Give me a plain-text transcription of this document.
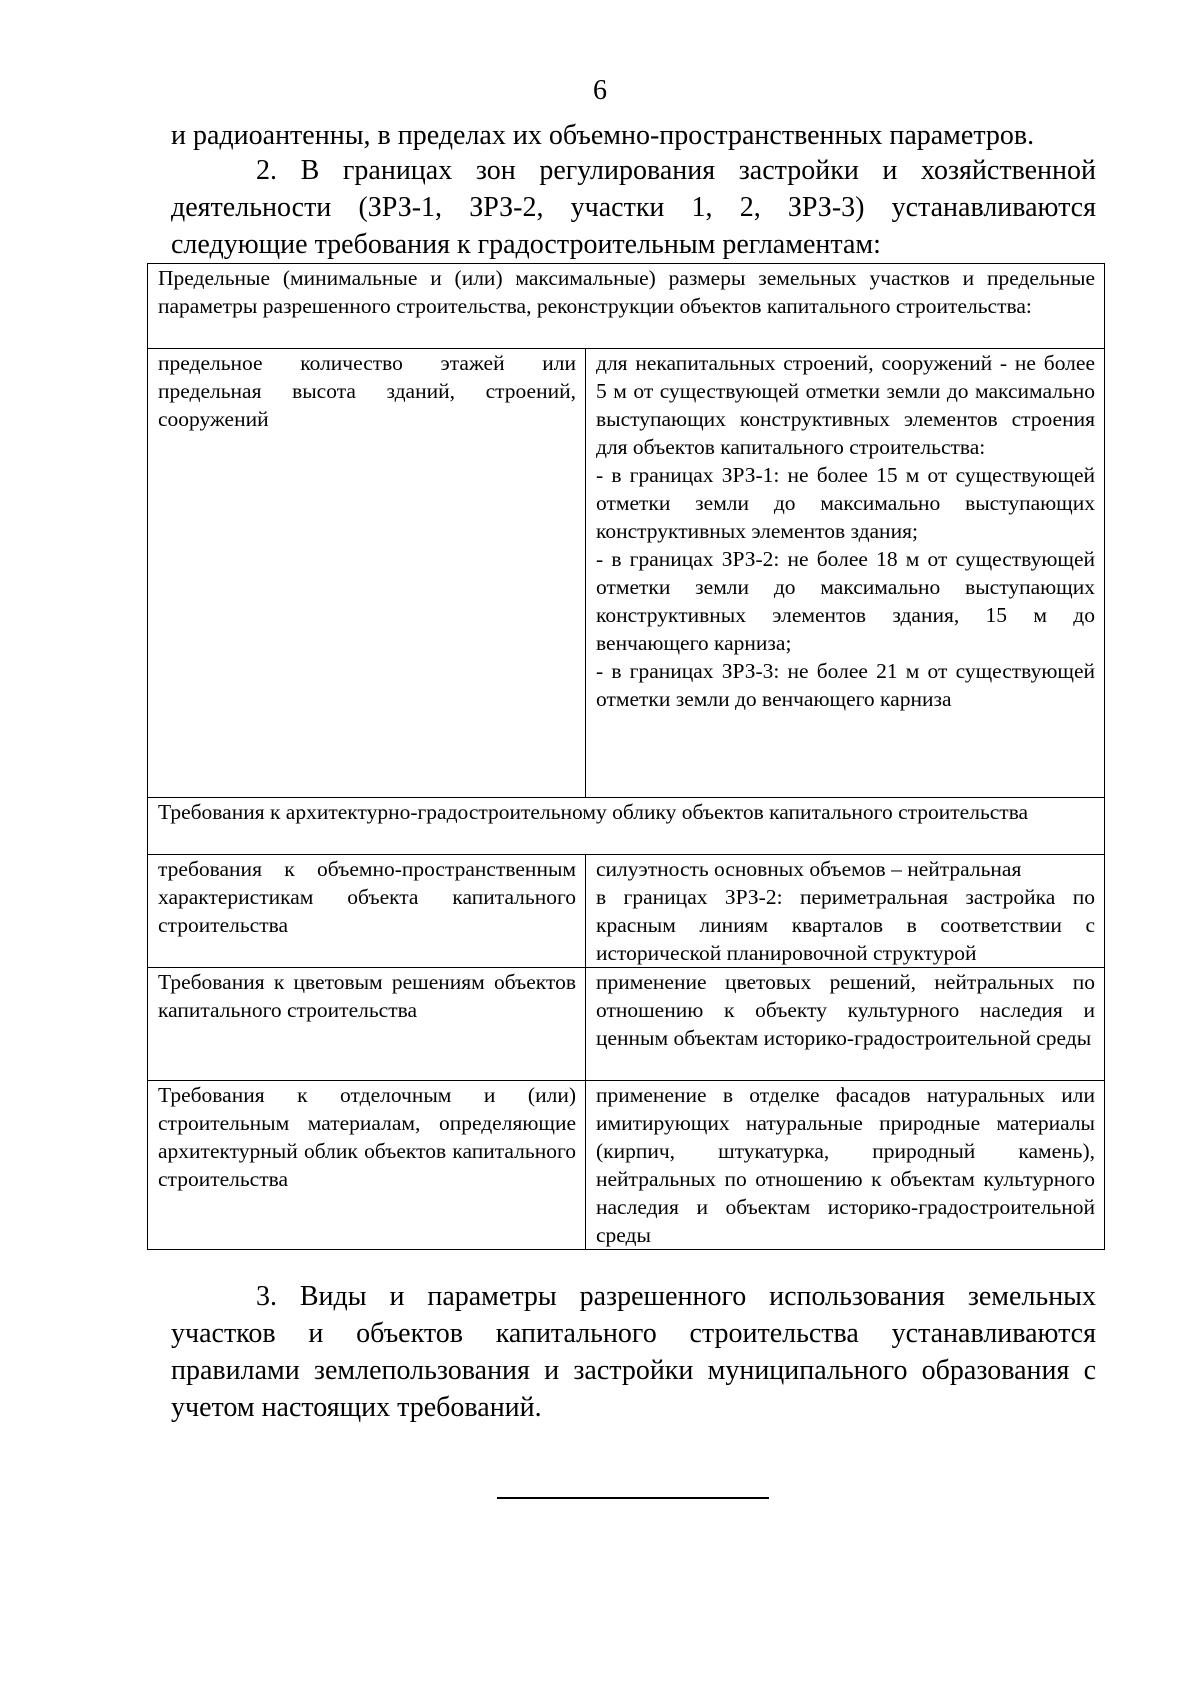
6
и радиоантенны, в пределах их объемно-пространственных параметров.
2. В границах зон регулирования застройки и хозяйственной деятельности (ЗРЗ-1, ЗРЗ-2, участки 1, 2, ЗРЗ-3) устанавливаются следующие требования к градостроительным регламентам:
Предельные (минимальные и (или) максимальные) размеры земельных участков и предельные параметры разрешенного строительства, реконструкции объектов капитального строительства:	
предельное количество этажей или предельная высота зданий, строений, сооружений	для некапитальных строений, сооружений - не более 5 м от существующей отметки земли до максимально выступающих конструктивных элементов строения для объектов капитального строительства:
- в границах ЗРЗ-1: не более 15 м от существующей отметки земли до максимально выступающих конструктивных элементов здания;
- в границах ЗРЗ-2: не более 18 м от существующей отметки земли до максимально выступающих конструктивных элементов здания, 15 м до венчающего карниза;
- в границах ЗРЗ-3: не более 21 м от существующей отметки земли до венчающего карниза

Требования к архитектурно-градостроительному облику объектов капитального строительства	
требования к объемно-пространственным характеристикам объекта капитального строительства	силуэтность основных объемов – нейтральная
в границах ЗРЗ-2: периметральная застройка по красным линиям кварталов в соответствии с исторической планировочной структурой

Требования к цветовым решениям объектов капитального строительства	применение цветовых решений, нейтральных по отношению к объекту культурного наследия и ценным объектам историко-градостроительной среды
Требования к отделочным и (или) строительным материалам, определяющие архитектурный облик объектов капитального строительства	применение в отделке фасадов натуральных или имитирующих натуральные природные материалы (кирпич, штукатурка, природный камень), нейтральных по отношению к объектам культурного наследия и объектам историко-градостроительной среды
3. Виды и параметры разрешенного использования земельных участков и объектов капитального строительства устанавливаются правилами землепользования и застройки муниципального образования с учетом настоящих требований.
